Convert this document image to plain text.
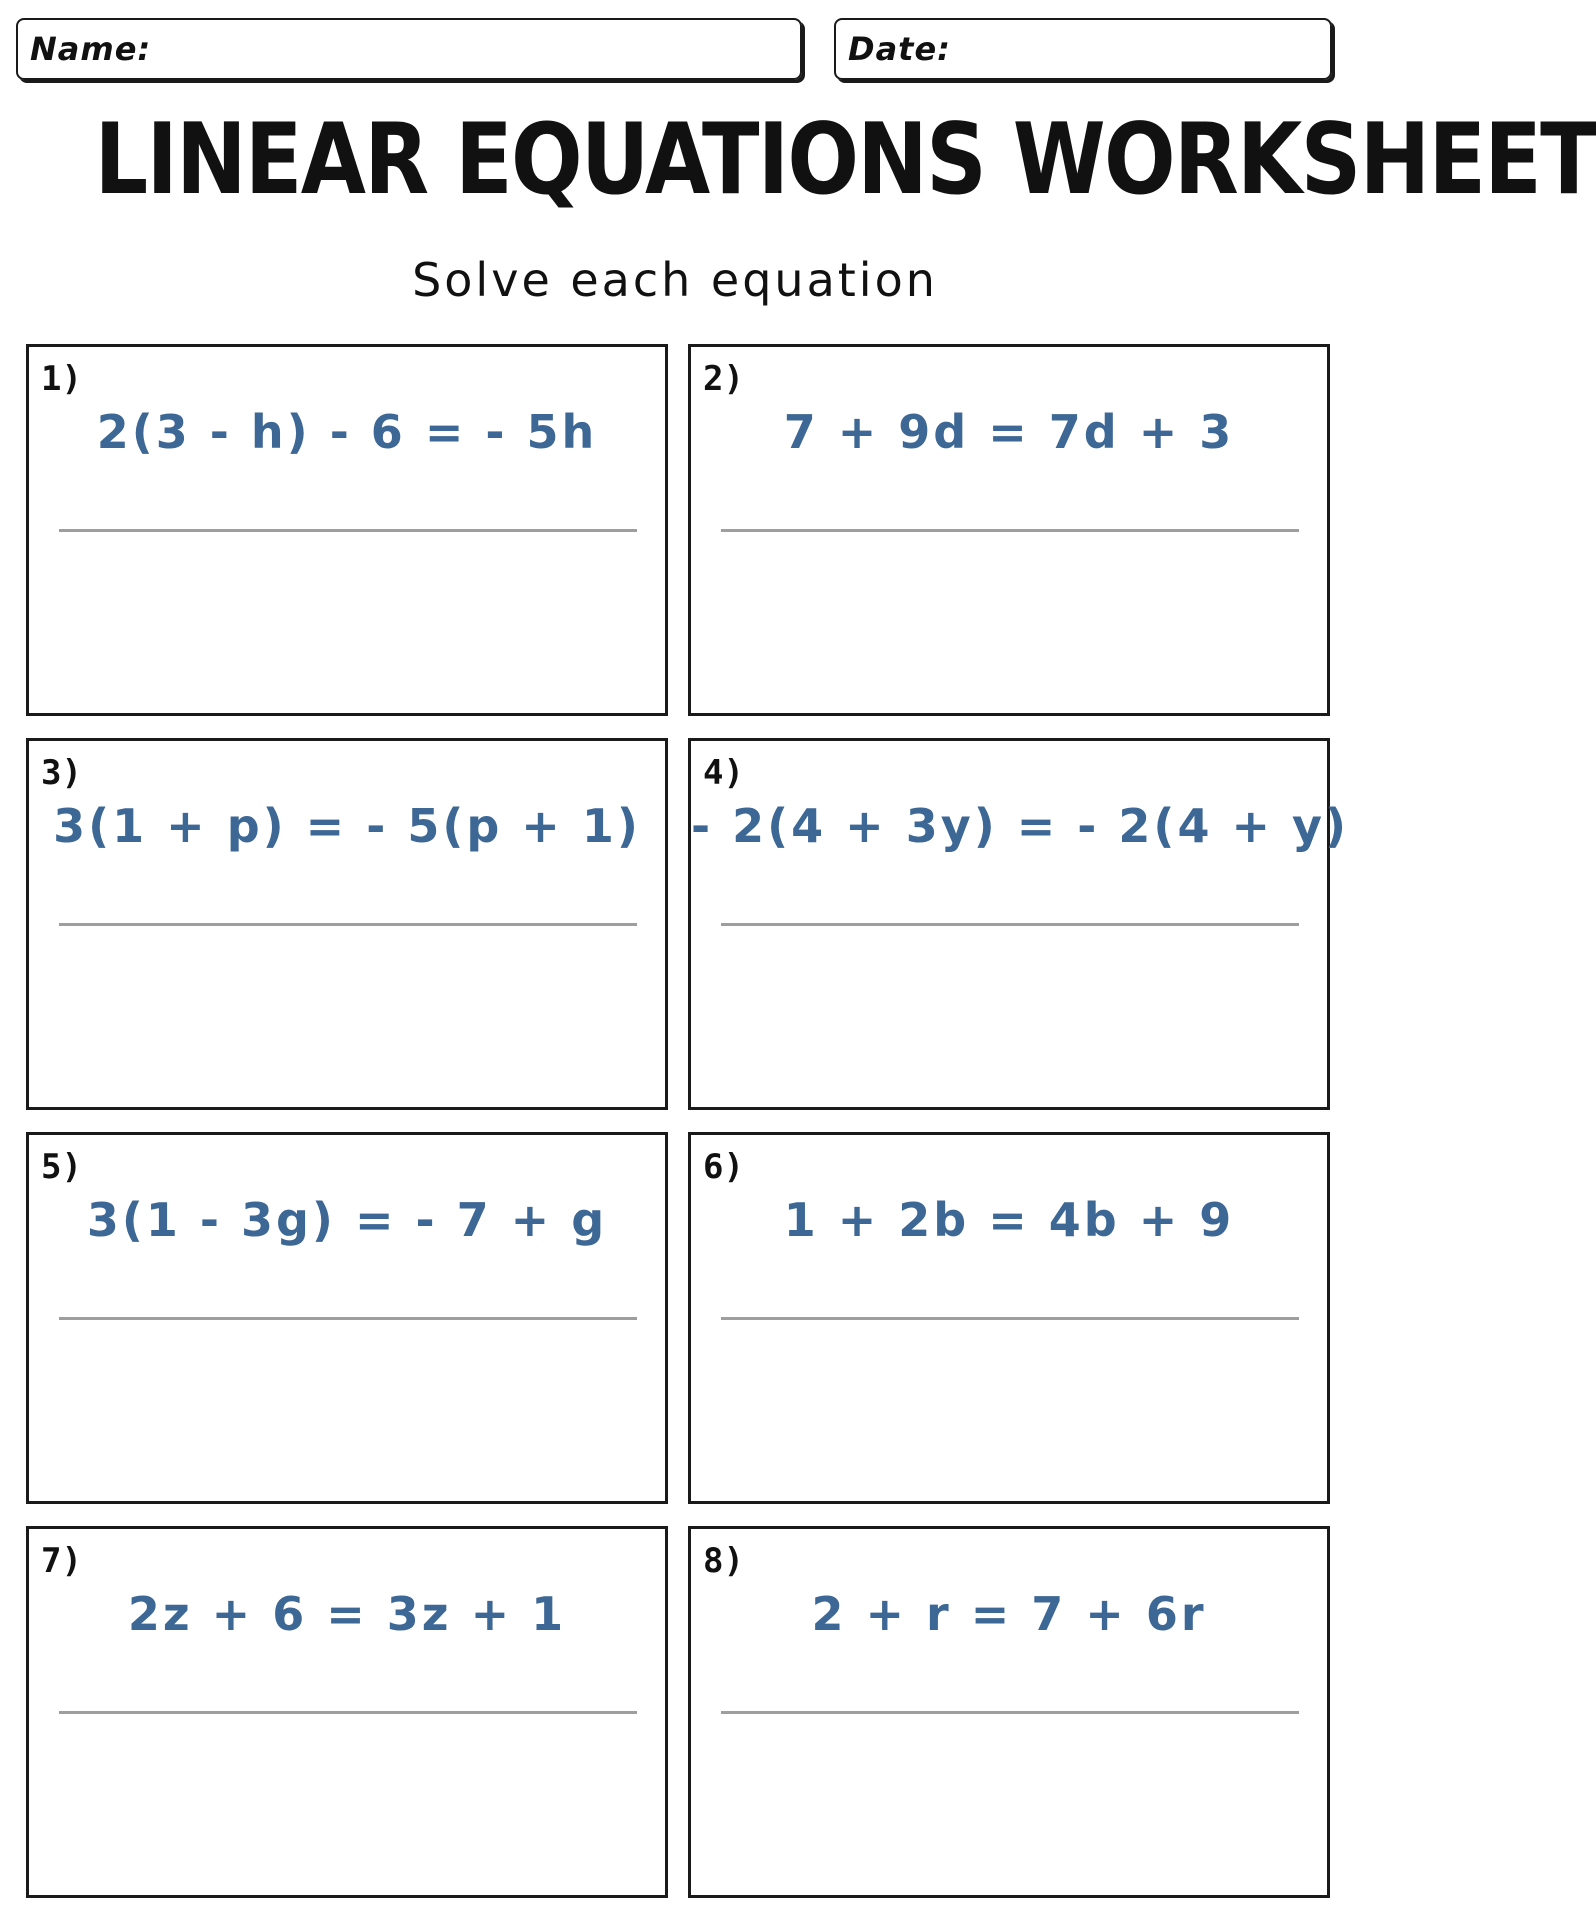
Name:	Date:
LINEAR EQUATIONS WORKSHEET
Solve each equation
1)
2(3 - h) - 6 = - 5h
2)
7 + 9d = 7d + 3
3)
3(1 + p) = - 5(p + 1)
4)
- 2(4 + 3y) = - 2(4 + y)
5)
3(1 - 3g) = - 7 + g
6)
1 + 2b = 4b + 9
7)
2z + 6 = 3z + 1
8)
2 + r = 7 + 6r
